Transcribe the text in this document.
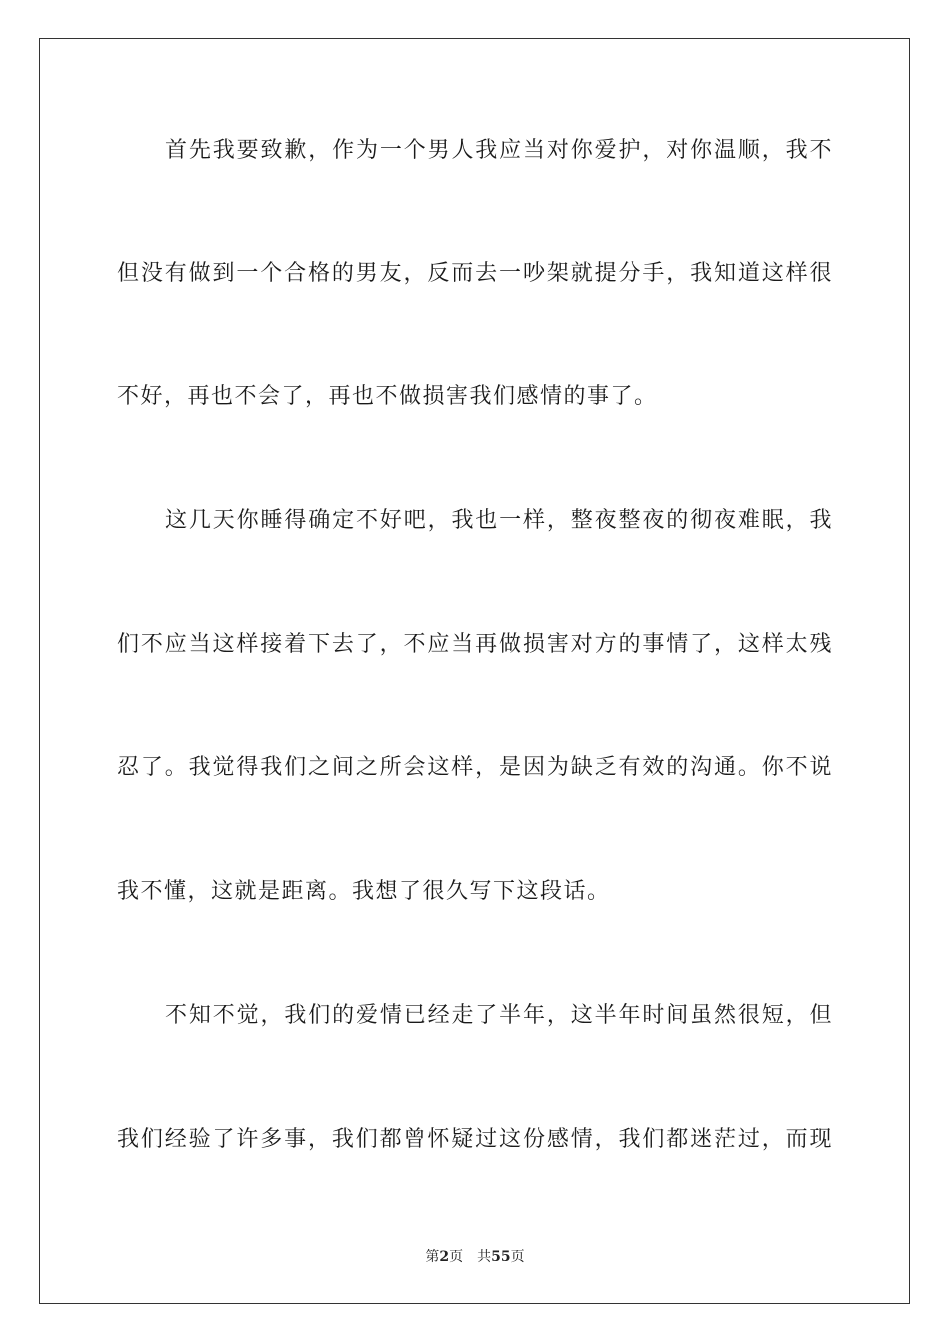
首先我要致歉，作为一个男人我应当对你爱护，对你温顺，我不
但没有做到一个合格的男友，反而去一吵架就提分手，我知道这样很
不好，再也不会了，再也不做损害我们感情的事了。
这几天你睡得确定不好吧，我也一样，整夜整夜的彻夜难眠，我
们不应当这样接着下去了，不应当再做损害对方的事情了，这样太残
忍了。我觉得我们之间之所会这样，是因为缺乏有效的沟通。你不说
我不懂，这就是距离。我想了很久写下这段话。
不知不觉，我们的爱情已经走了半年，这半年时间虽然很短，但
我们经验了许多事，我们都曾怀疑过这份感情，我们都迷茫过，而现
第2页 共55页
